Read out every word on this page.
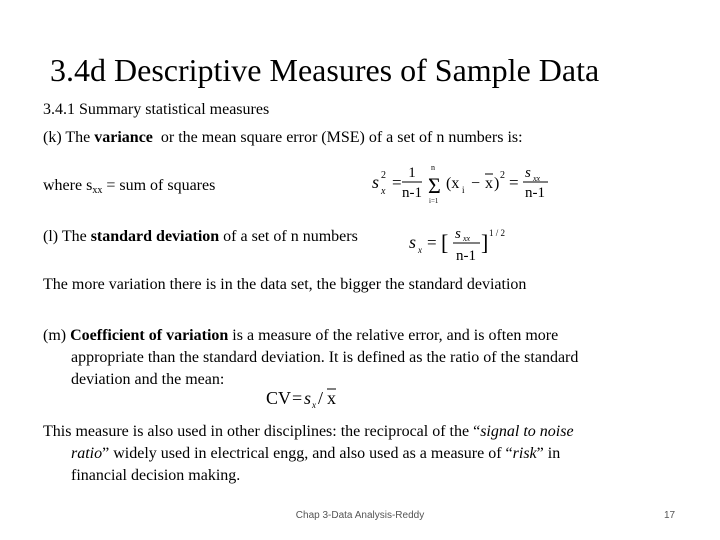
3.4d Descriptive Measures of Sample Data
3.4.1 Summary statistical measures
(k) The variance  or the mean square error (MSE) of a set of n numbers is:
where $s_{xx}$ = sum of squares	s 2
x = 1
n-1 Σ
n
i=1
(x i − x ) 2 = s xx
n-1
(l) The standard deviation of a set of n numbers	s x = [ s xx
n-1
] 1 / 2
The more variation there is in the data set, the bigger the standard deviation
(m) Coefficient of variation is a measure of the relative error, and is often more
appropriate than the standard deviation. It is defined as the ratio of the standard
deviation and the mean:
CV = s x / x
This measure is also used in other disciplines: the reciprocal of the “signal to noise
ratio” widely used in electrical engg, and also used as a measure of “risk” in
financial decision making.
Chap 3-Data Analysis-Reddy	17
